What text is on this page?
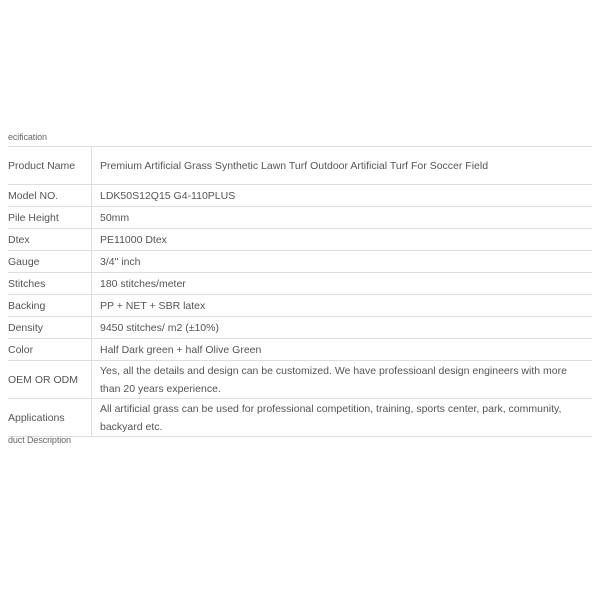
ecification
Product Name	Premium Artificial Grass Synthetic Lawn Turf Outdoor Artificial Turf For Soccer Field

Model NO.	LDK50S12Q15 G4-110PLUS

Pile Height	50mm

Dtex	PE11000 Dtex

Gauge	3/4" inch

Stitches	180 stitches/meter

Backing	PP + NET + SBR latex

Density	9450 stitches/ m2 (±10%)

Color	Half Dark green + half Olive Green

OEM OR ODM	Yes, all the details and design can be customized. We have professioanl design engineers with more than 20 years experience.

Applications	All artificial grass can be used for professional competition, training, sports center, park, community, backyard etc.
duct Description
